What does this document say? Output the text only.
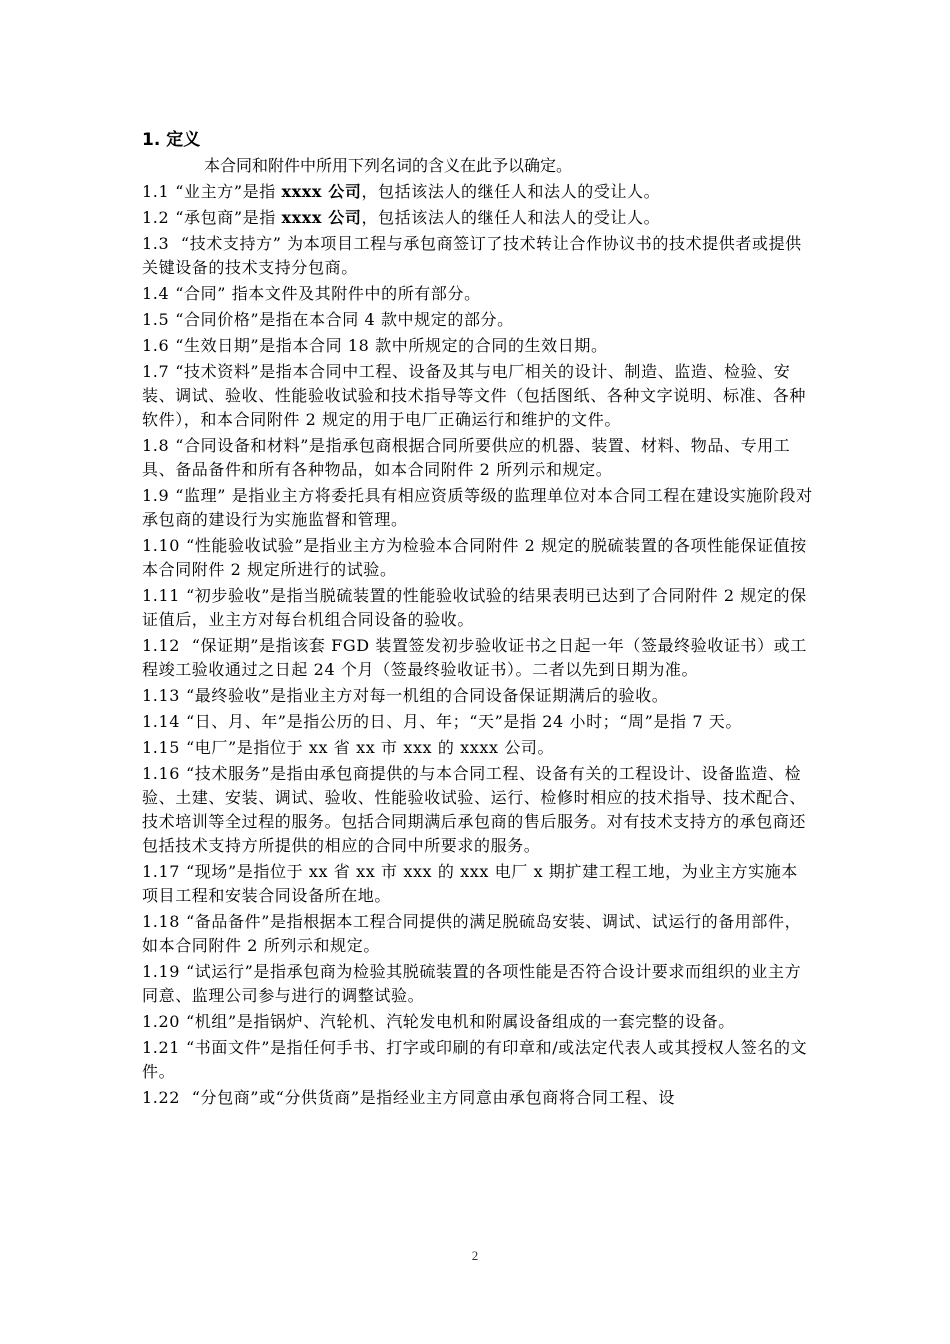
1. 定义
本合同和附件中所用下列名词的含义在此予以确定。
1.1 “业主方”是指 xxxx 公司，包括该法人的继任人和法人的受让人。
1.2 “承包商”是指 xxxx 公司，包括该法人的继任人和法人的受让人。
1.3 “技术支持方” 为本项目工程与承包商签订了技术转让合作协议书的技术提供者或提供关键设备的技术支持分包商。
1.4 “合同” 指本文件及其附件中的所有部分。
1.5 “合同价格”是指在本合同 4 款中规定的部分。
1.6 “生效日期”是指本合同 18 款中所规定的合同的生效日期。
1.7 “技术资料”是指本合同中工程、设备及其与电厂相关的设计、制造、监造、检验、安装、调试、验收、性能验收试验和技术指导等文件（包括图纸、各种文字说明、标准、各种软件），和本合同附件 2 规定的用于电厂正确运行和维护的文件。
1.8 “合同设备和材料”是指承包商根据合同所要供应的机器、装置、材料、物品、专用工具、备品备件和所有各种物品，如本合同附件 2 所列示和规定。
1.9 “监理” 是指业主方将委托具有相应资质等级的监理单位对本合同工程在建设实施阶段对承包商的建设行为实施监督和管理。
1.10 “性能验收试验”是指业主方为检验本合同附件 2 规定的脱硫装置的各项性能保证值按本合同附件 2 规定所进行的试验。
1.11 “初步验收”是指当脱硫装置的性能验收试验的结果表明已达到了合同附件 2 规定的保证值后，业主方对每台机组合同设备的验收。
1.12 “保证期”是指该套 FGD 装置签发初步验收证书之日起一年（签最终验收证书）或工程竣工验收通过之日起 24 个月（签最终验收证书）。二者以先到日期为准。
1.13 “最终验收”是指业主方对每一机组的合同设备保证期满后的验收。
1.14 “日、月、年”是指公历的日、月、年；“天”是指 24 小时；“周”是指 7 天。
1.15 “电厂”是指位于 xx 省 xx 市 xxx 的 xxxx 公司。
1.16 “技术服务”是指由承包商提供的与本合同工程、设备有关的工程设计、设备监造、检验、土建、安装、调试、验收、性能验收试验、运行、检修时相应的技术指导、技术配合、技术培训等全过程的服务。包括合同期满后承包商的售后服务。对有技术支持方的承包商还包括技术支持方所提供的相应的合同中所要求的服务。
1.17 “现场”是指位于 xx 省 xx 市 xxx 的 xxx 电厂 x 期扩建工程工地，为业主方实施本项目工程和安装合同设备所在地。
1.18 “备品备件”是指根据本工程合同提供的满足脱硫岛安装、调试、试运行的备用部件，如本合同附件 2 所列示和规定。
1.19 “试运行”是指承包商为检验其脱硫装置的各项性能是否符合设计要求而组织的业主方同意、监理公司参与进行的调整试验。
1.20 “机组”是指锅炉、汽轮机、汽轮发电机和附属设备组成的一套完整的设备。
1.21 “书面文件”是指任何手书、打字或印刷的有印章和/或法定代表人或其授权人签名的文件。
1.22 “分包商”或“分供货商”是指经业主方同意由承包商将合同工程、设
2
